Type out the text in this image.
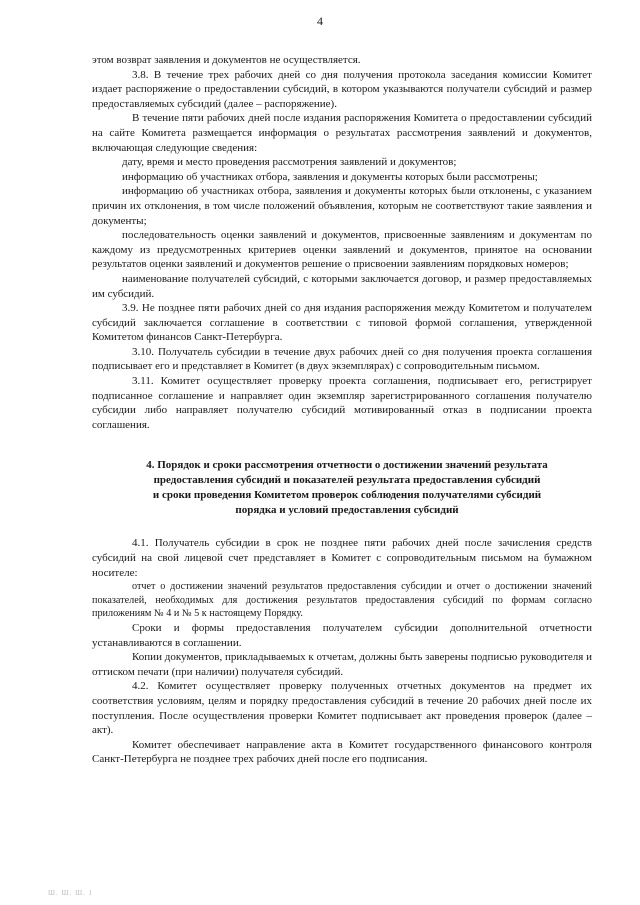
4

этом возврат заявления и документов не осуществляется.

3.8. В течение трех рабочих дней со дня получения протокола заседания комиссии Комитет издает распоряжение о предоставлении субсидий, в котором указываются получатели субсидий и размер предоставляемых субсидий (далее – распоряжение).

В течение пяти рабочих дней после издания распоряжения Комитета о предоставлении субсидий на сайте Комитета размещается информация о результатах рассмотрения заявлений и документов, включающая следующие сведения:

дату, время и место проведения рассмотрения заявлений и документов;

информацию об участниках отбора, заявления и документы которых были рассмотрены;

информацию об участниках отбора, заявления и документы которых были отклонены, с указанием причин их отклонения, в том числе положений объявления, которым не соответствуют такие заявления и документы;

последовательность оценки заявлений и документов, присвоенные заявлениям и документам по каждому из предусмотренных критериев оценки заявлений и документов, принятое на основании результатов оценки заявлений и документов решение о присвоении заявлениям порядковых номеров;

наименование получателей субсидий, с которыми заключается договор, и размер предоставляемых им субсидий.

3.9. Не позднее пяти рабочих дней со дня издания распоряжения между Комитетом и получателем субсидий заключается соглашение в соответствии с типовой формой соглашения, утвержденной Комитетом финансов Санкт-Петербурга.

3.10. Получатель субсидии в течение двух рабочих дней со дня получения проекта соглашения подписывает его и представляет в Комитет (в двух экземплярах) с сопроводительным письмом.

3.11. Комитет осуществляет проверку проекта соглашения, подписывает его, регистрирует подписанное соглашение и направляет один экземпляр зарегистрированного соглашения получателю субсидии либо направляет получателю субсидий мотивированный отказ в подписании проекта соглашения.

4. Порядок и сроки рассмотрения отчетности о достижении значений результата

предоставления субсидий и показателей результата предоставления субсидий

и сроки проведения Комитетом проверок соблюдения получателями субсидий

порядка и условий предоставления субсидий

4.1. Получатель субсидии в срок не позднее пяти рабочих дней после зачисления средств субсидий на свой лицевой счет представляет в Комитет с сопроводительным письмом на бумажном носителе:

отчет о достижении значений результатов предоставления субсидии и отчет о достижении значений показателей, необходимых для достижения результатов предоставления субсидий по формам согласно приложениям № 4 и № 5 к настоящему Порядку.

Сроки и формы предоставления получателем субсидии дополнительной отчетности устанавливаются в соглашении.

Копии документов, прикладываемых к отчетам, должны быть заверены подписью руководителя и оттиском печати (при наличии) получателя субсидий.

4.2. Комитет осуществляет проверку полученных отчетных документов на предмет их соответствия условиям, целям и порядку предоставления субсидий в течение 20 рабочих дней после их поступления. После осуществления проверки Комитет подписывает акт проведения проверок (далее – акт).

Комитет обеспечивает направление акта в Комитет государственного финансового контроля Санкт-Петербурга не позднее трех рабочих дней после его подписания.

Ш. Ш. Ш. 1
